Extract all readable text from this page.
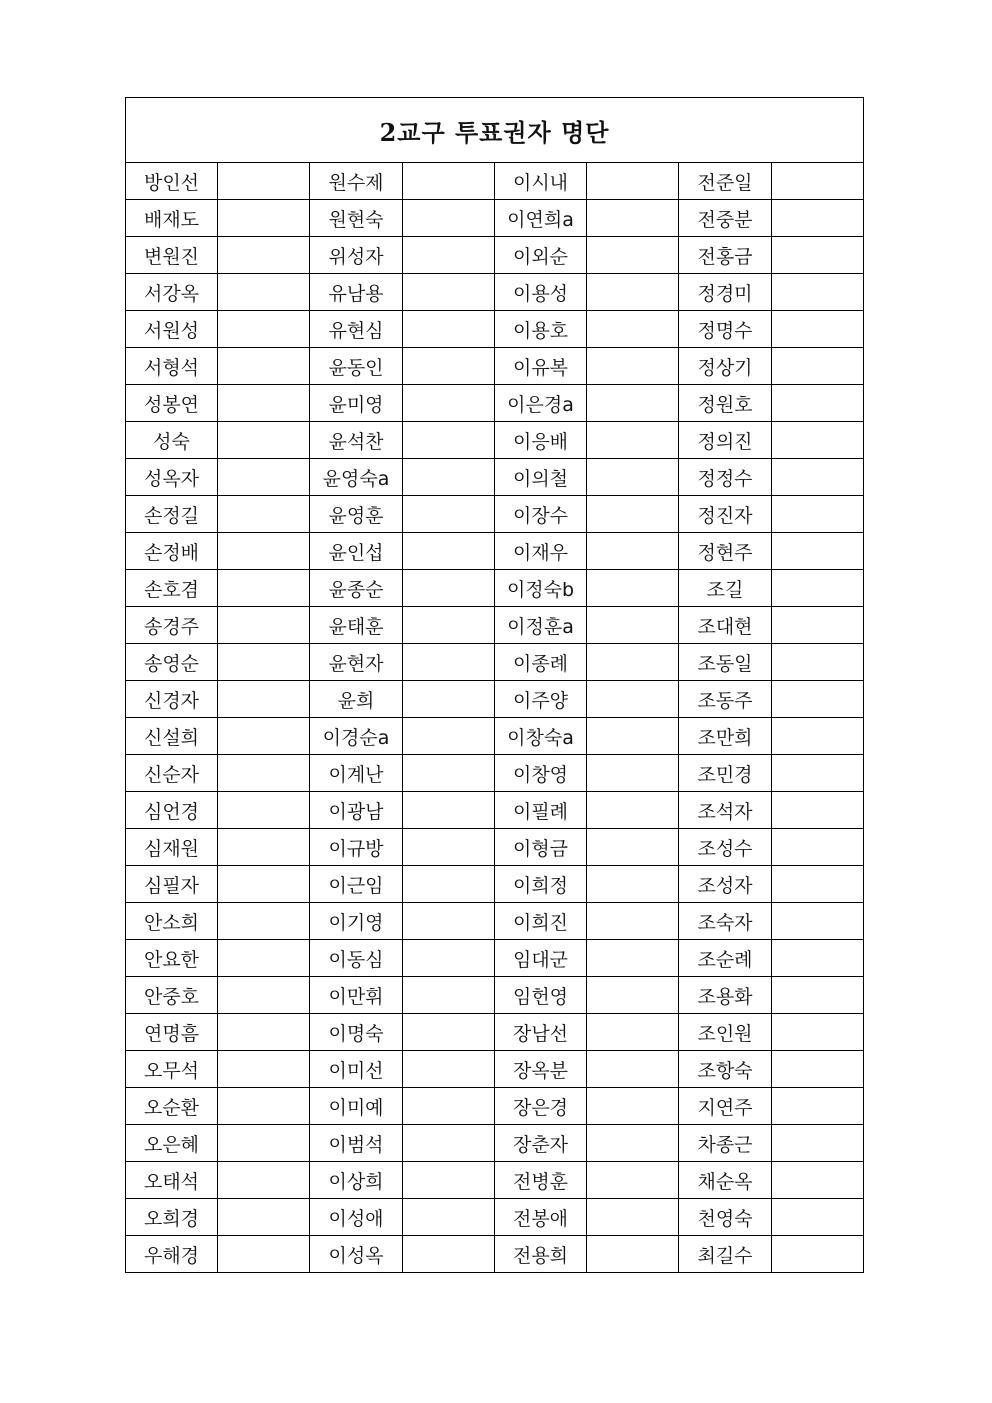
2교구 투표권자 명단							
방인선		원수제		이시내		전준일	
배재도		원현숙		이연희a		전중분	
변원진		위성자		이외순		전홍금	
서강옥		유남용		이용성		정경미	
서원성		유현심		이용호		정명수	
서형석		윤동인		이유복		정상기	
성봉연		윤미영		이은경a		정원호	
성숙		윤석찬		이응배		정의진	
성옥자		윤영숙a		이의철		정정수	
손정길		윤영훈		이장수		정진자	
손정배		윤인섭		이재우		정현주	
손호겸		윤종순		이정숙b		조길	
송경주		윤태훈		이정훈a		조대현	
송영순		윤현자		이종례		조동일	
신경자		윤희		이주양		조동주	
신설희		이경순a		이창숙a		조만희	
신순자		이계난		이창영		조민경	
심언경		이광남		이필례		조석자	
심재원		이규방		이형금		조성수	
심필자		이근임		이희정		조성자	
안소희		이기영		이희진		조숙자	
안요한		이동심		임대군		조순례	
안중호		이만휘		임헌영		조용화	
연명흠		이명숙		장남선		조인원	
오무석		이미선		장옥분		조항숙	
오순환		이미예		장은경		지연주	
오은혜		이범석		장춘자		차종근	
오태석		이상희		전병훈		채순옥	
오희경		이성애		전봉애		천영숙	
우해경		이성옥		전용희		최길수	
